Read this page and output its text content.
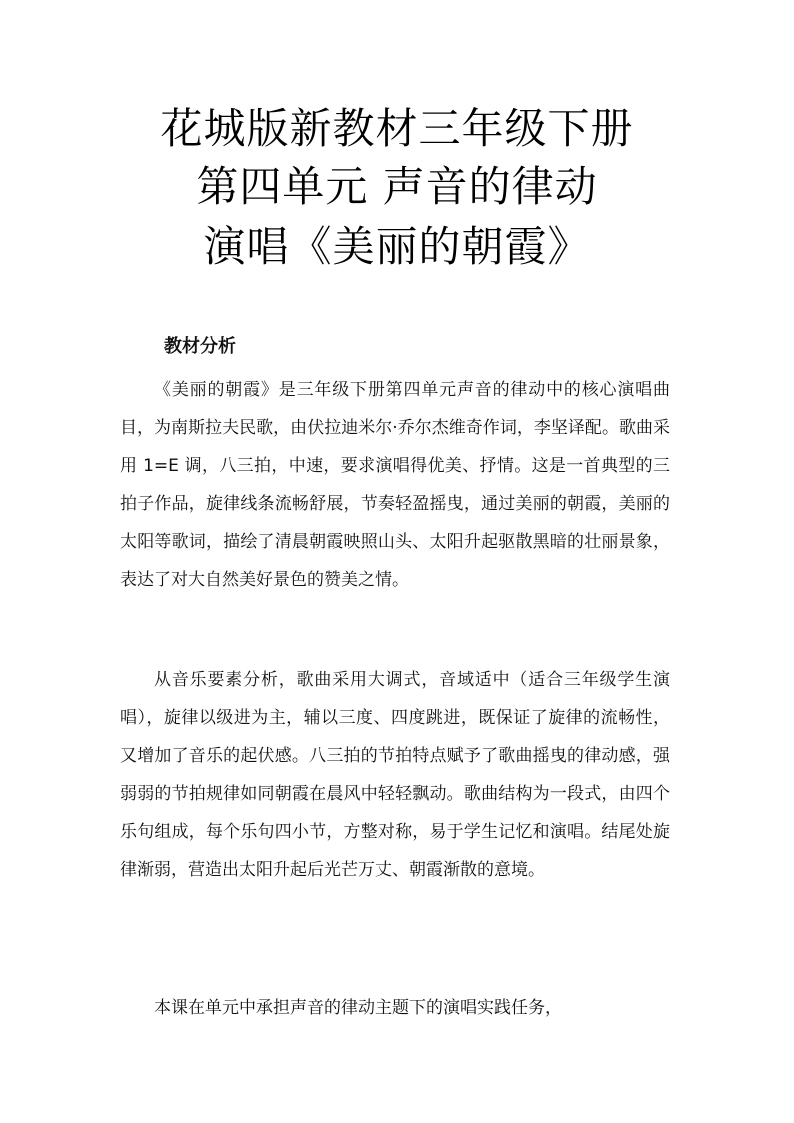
花城版新教材三年级下册
第四单元 声音的律动
演唱《美丽的朝霞》
教材分析

《美丽的朝霞》是三年级下册第四单元声音的律动中的核心演唱曲目，为南斯拉夫民歌，由伏拉迪米尔·乔尔杰维奇作词，李坚译配。歌曲采用 1=E 调，八三拍，中速，要求演唱得优美、抒情。这是一首典型的三拍子作品，旋律线条流畅舒展，节奏轻盈摇曳，通过美丽的朝霞，美丽的太阳等歌词，描绘了清晨朝霞映照山头、太阳升起驱散黑暗的壮丽景象，表达了对大自然美好景色的赞美之情。

从音乐要素分析，歌曲采用大调式，音域适中（适合三年级学生演唱），旋律以级进为主，辅以三度、四度跳进，既保证了旋律的流畅性，又增加了音乐的起伏感。八三拍的节拍特点赋予了歌曲摇曳的律动感，强弱弱的节拍规律如同朝霞在晨风中轻轻飘动。歌曲结构为一段式，由四个乐句组成，每个乐句四小节，方整对称，易于学生记忆和演唱。结尾处旋律渐弱，营造出太阳升起后光芒万丈、朝霞渐散的意境。

本课在单元中承担声音的律动主题下的演唱实践任务，
